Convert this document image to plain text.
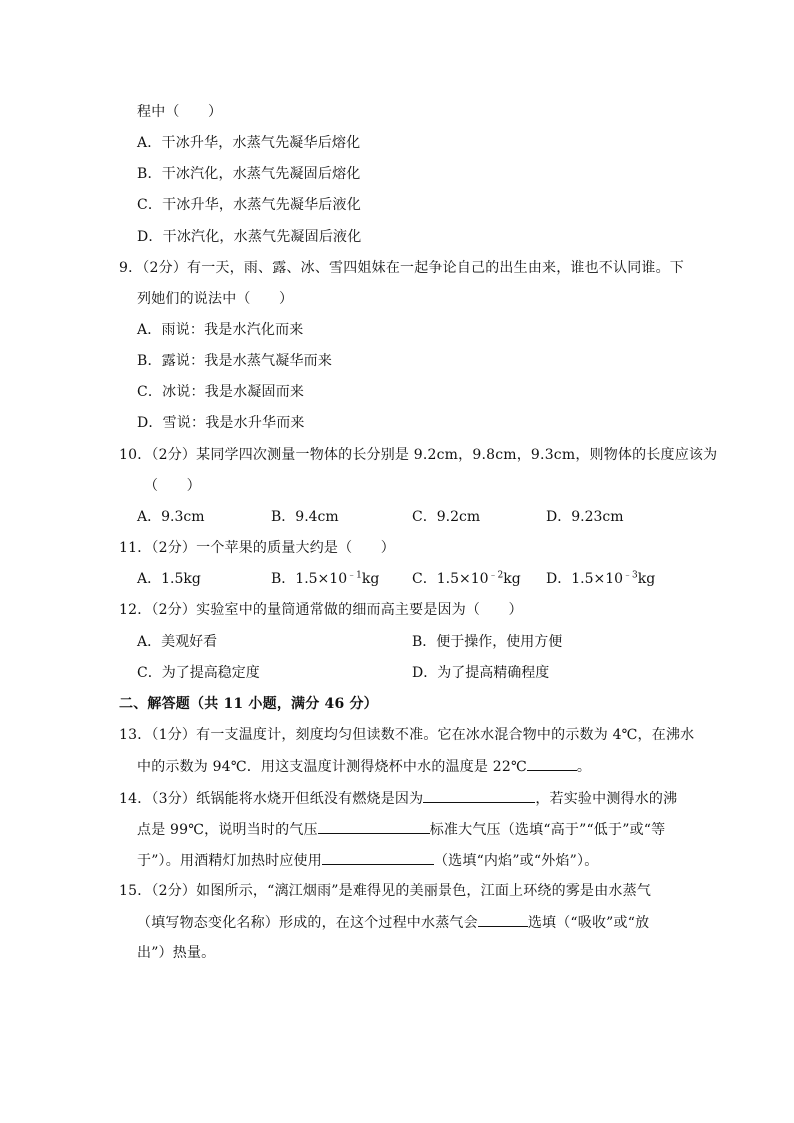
程中（　　）
A．干冰升华，水蒸气先凝华后熔化
B．干冰汽化，水蒸气先凝固后熔化
C．干冰升华，水蒸气先凝华后液化
D．干冰汽化，水蒸气先凝固后液化
9．（2分）有一天，雨、露、冰、雪四姐妹在一起争论自己的出生由来，谁也不认同谁。下
列她们的说法中（　　）
A．雨说：我是水汽化而来
B．露说：我是水蒸气凝华而来
C．冰说：我是水凝固而来
D．雪说：我是水升华而来
10．（2分）某同学四次测量一物体的长分别是 9.2cm，9.8cm，9.3cm，则物体的长度应该为
（　　）
A．9.3cm	B．9.4cm	C．9.2cm	D．9.23cm
11．（2分）一个苹果的质量大约是（　　）
A．1.5kg	B．$1.5\times 10^{﹣1}kg$ C．$1.5\times 10^{﹣2}kg$ D．$1.5\times 10^{﹣3}kg$
12．（2分）实验室中的量筒通常做的细而高主要是因为（　　）
A．美观好看	B．便于操作，使用方便
C．为了提高稳定度	D．为了提高精确程度
二、解答题（共 11 小题，满分 46 分）
13．（1分）有一支温度计，刻度均匀但读数不准。它在冰水混合物中的示数为 4℃，在沸水
中的示数为 94℃．用这支温度计测得烧杯中水的温度是 22℃	。
14．（3分）纸锅能将水烧开但纸没有燃烧是因为	，若实验中测得水的沸
点是 99℃，说明当时的气压	标准大气压（选填“高于”“低于”或“等
于”）。用酒精灯加热时应使用	（选填“内焰”或“外焰”）。
15．（2分）如图所示，“漓江烟雨”是难得见的美丽景色，江面上环绕的雾是由水蒸气
（填写物态变化名称）形成的，在这个过程中水蒸气会	选填（“吸收”或“放
出”）热量。
